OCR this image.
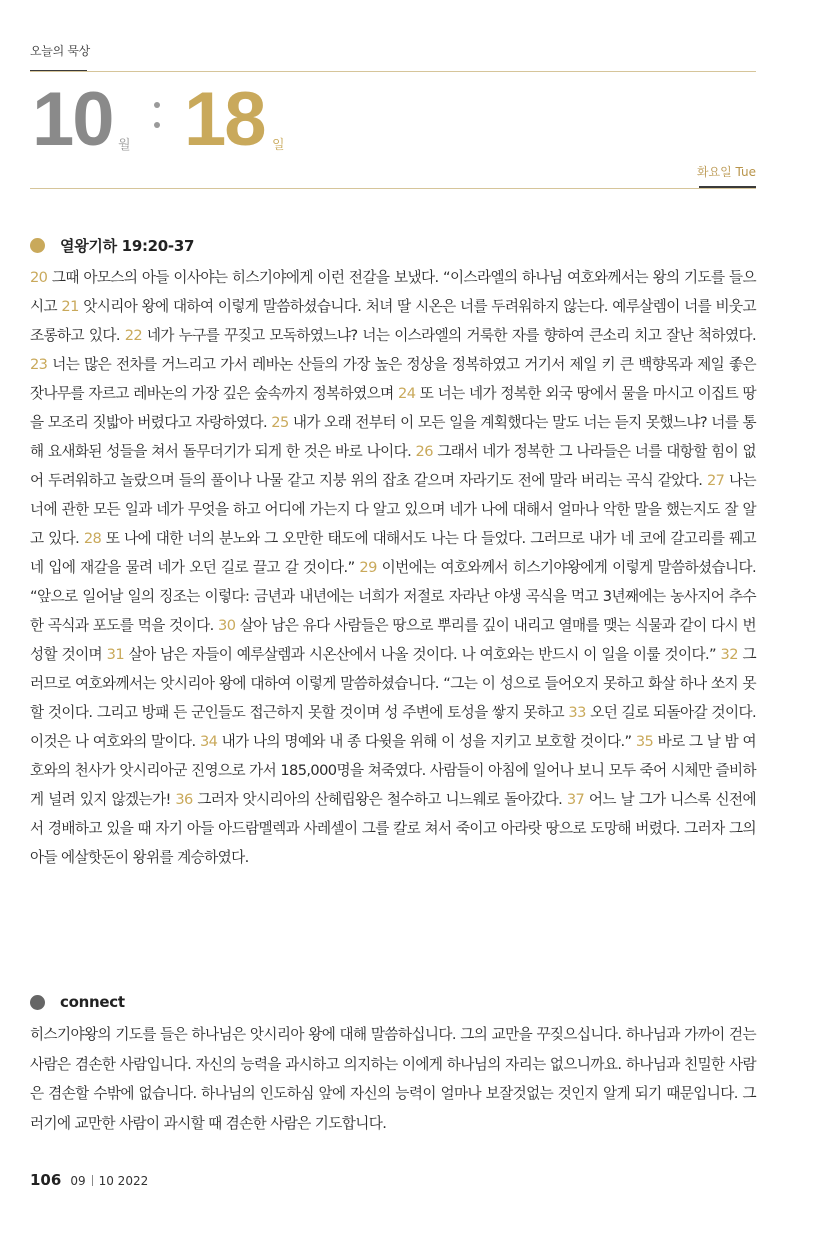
오늘의 묵상
10 월 18 일
화요일 Tue
열왕기하 19:20-37

20 그때 아모스의 아들 이사야는 히스기야에게 이런 전갈을 보냈다. “이스라엘의 하나님 여호와께서는 왕의 기도를 들으시고 21 앗시리아 왕에 대하여 이렇게 말씀하셨습니다. 처녀 딸 시온은 너를 두려워하지 않는다. 예루살렘이 너를 비웃고 조롱하고 있다. 22 네가 누구를 꾸짖고 모독하였느냐? 너는 이스라엘의 거룩한 자를 향하여 큰소리 치고 잘난 척하였다. 23 너는 많은 전차를 거느리고 가서 레바논 산들의 가장 높은 정상을 정복하였고 거기서 제일 키 큰 백향목과 제일 좋은 잣나무를 자르고 레바논의 가장 깊은 숲속까지 정복하였으며 24 또 너는 네가 정복한 외국 땅에서 물을 마시고 이집트 땅을 모조리 짓밟아 버렸다고 자랑하였다. 25 내가 오래 전부터 이 모든 일을 계획했다는 말도 너는 듣지 못했느냐? 너를 통해 요새화된 성들을 쳐서 돌무더기가 되게 한 것은 바로 나이다. 26 그래서 네가 정복한 그 나라들은 너를 대항할 힘이 없어 두려워하고 놀랐으며 들의 풀이나 나물 같고 지붕 위의 잡초 같으며 자라기도 전에 말라 버리는 곡식 같았다. 27 나는 너에 관한 모든 일과 네가 무엇을 하고 어디에 가는지 다 알고 있으며 네가 나에 대해서 얼마나 악한 말을 했는지도 잘 알고 있다. 28 또 나에 대한 너의 분노와 그 오만한 태도에 대해서도 나는 다 들었다. 그러므로 내가 네 코에 갈고리를 꿰고 네 입에 재갈을 물려 네가 오던 길로 끌고 갈 것이다.” 29 이번에는 여호와께서 히스기야왕에게 이렇게 말씀하셨습니다. “앞으로 일어날 일의 징조는 이렇다: 금년과 내년에는 너희가 저절로 자라난 야생 곡식을 먹고 3년째에는 농사지어 추수한 곡식과 포도를 먹을 것이다. 30 살아 남은 유다 사람들은 땅으로 뿌리를 깊이 내리고 열매를 맺는 식물과 같이 다시 번성할 것이며 31 살아 남은 자들이 예루살렘과 시온산에서 나올 것이다. 나 여호와는 반드시 이 일을 이룰 것이다.” 32 그러므로 여호와께서는 앗시리아 왕에 대하여 이렇게 말씀하셨습니다. “그는 이 성으로 들어오지 못하고 화살 하나 쏘지 못할 것이다. 그리고 방패 든 군인들도 접근하지 못할 것이며 성 주변에 토성을 쌓지 못하고 33 오던 길로 되돌아갈 것이다. 이것은 나 여호와의 말이다. 34 내가 나의 명예와 내 종 다윗을 위해 이 성을 지키고 보호할 것이다.” 35 바로 그 날 밤 여호와의 천사가 앗시리아군 진영으로 가서 185,000명을 쳐죽였다. 사람들이 아침에 일어나 보니 모두 죽어 시체만 즐비하게 널려 있지 않겠는가! 36 그러자 앗시리아의 산헤립왕은 철수하고 니느웨로 돌아갔다. 37 어느 날 그가 니스록 신전에서 경배하고 있을 때 자기 아들 아드람멜렉과 사레셀이 그를 칼로 쳐서 죽이고 아라랏 땅으로 도망해 버렸다. 그러자 그의 아들 에살핫돈이 왕위를 계승하였다.

connect

히스기야왕의 기도를 들은 하나님은 앗시리아 왕에 대해 말씀하십니다. 그의 교만을 꾸짖으십니다. 하나님과 가까이 걷는 사람은 겸손한 사람입니다. 자신의 능력을 과시하고 의지하는 이에게 하나님의 자리는 없으니까요. 하나님과 친밀한 사람은 겸손할 수밖에 없습니다. 하나님의 인도하심 앞에 자신의 능력이 얼마나 보잘것없는 것인지 알게 되기 때문입니다. 그러기에 교만한 사람이 과시할 때 겸손한 사람은 기도합니다.

106 09 10 2022
